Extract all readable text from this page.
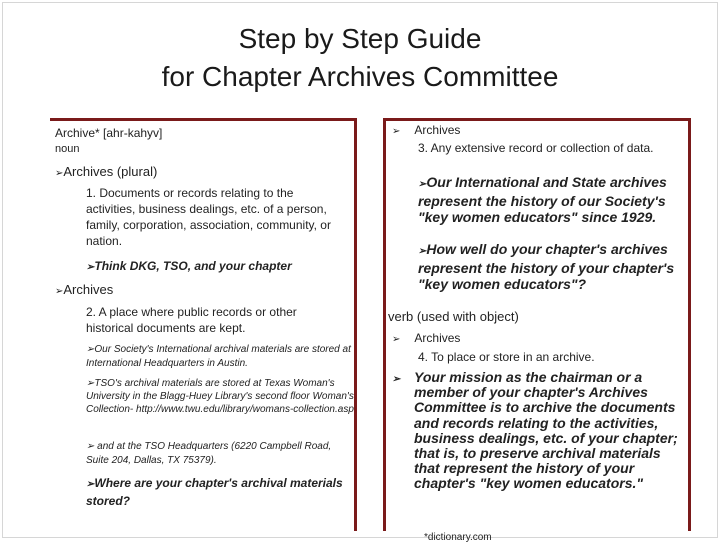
Step by Step Guide
for Chapter Archives Committee
Archive* [ahr-kahyv]
noun
➢Archives (plural)
1. Documents or records relating to the activities, business dealings, etc. of a person, family, corporation, association, community, or nation.
➢Think DKG, TSO, and your chapter
➢Archives
2. A place where public records or other historical documents are kept.
➢Our Society's International archival materials are stored at International Headquarters in Austin.
➢TSO's archival materials are stored at Texas Woman's University in the Blagg-Huey Library's second floor Woman's Collection- http://www.twu.edu/library/womans-collection.asp
➢ and at the TSO Headquarters (6220 Campbell Road, Suite 204, Dallas, TX 75379).
➢Where are your chapter's archival materials stored?
➢ Archives
3. Any extensive record or collection of data.
➢Our International and State archives represent the history of our Society's "key women educators" since 1929.
➢How well do your chapter's archives represent the history of your chapter's "key women educators"?
verb (used with object)
➢ Archives
4. To place or store in an archive.
➢ Your mission as the chairman or a member of your chapter's Archives Committee is to archive the documents and records relating to the activities, business dealings, etc. of your chapter; that is, to preserve archival materials that represent the history of your chapter's "key women educators."
*dictionary.com
